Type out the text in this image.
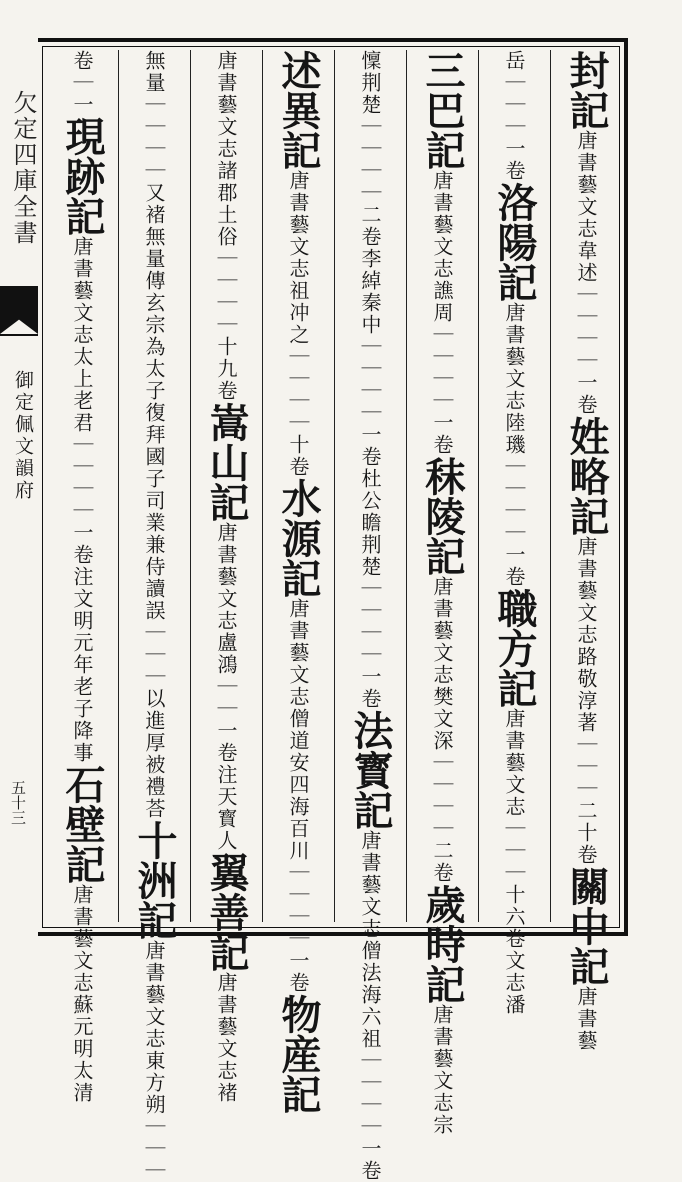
欠定四庫全書
御定佩文韻府
五十三
封記唐書藝文志韋述｜｜｜｜一卷姓略記唐書藝文志路敬淳著｜｜｜二十卷關中記唐書藝
岳｜｜｜一卷洛陽記唐書藝文志陸璣｜｜｜｜一卷職方記唐書藝文志｜｜｜十六卷文志潘
三巴記唐書藝文志譙周｜｜｜｜一卷秣陵記唐書藝文志樊文深｜｜｜｜二卷歲時記唐書藝文志宗
懍荆楚｜｜｜｜二卷李綽秦中｜｜｜｜一卷杜公瞻荆楚｜｜｜｜一卷法寳記唐書藝文志僧法海六祖｜｜｜｜一卷
述異記唐書藝文志祖冲之｜｜｜｜十卷水源記唐書藝文志僧道安四海百川｜｜｜｜一卷物産記
唐書藝文志諸郡土俗｜｜｜｜十九卷嵩山記唐書藝文志盧鴻｜｜一卷注天寳人翼善記唐書藝文志褚
無量｜｜｜｜又褚無量傳玄宗為太子復拜國子司業兼侍讀誤｜｜｜以進厚被禮荅十洲記唐書藝文志東方朔｜｜｜
卷｜一現跡記唐書藝文志太上老君｜｜｜｜一卷注文明元年老子降事石壁記唐書藝文志蘇元明太清
